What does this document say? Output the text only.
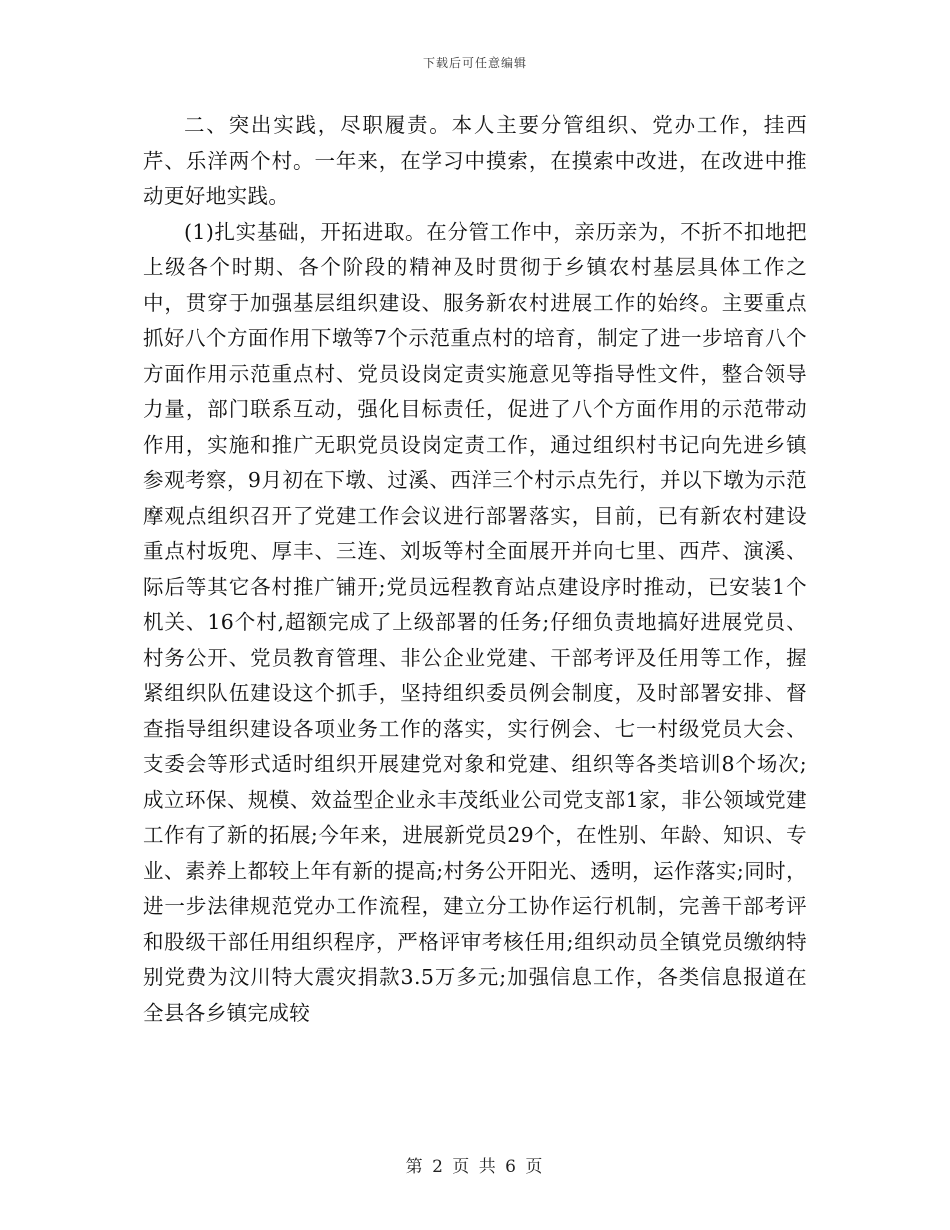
下载后可任意编辑

二、突出实践，尽职履责。本人主要分管组织、党办工作，挂西芹、乐洋两个村。一年来，在学习中摸索，在摸索中改进，在改进中推动更好地实践。

(1)扎实基础，开拓进取。在分管工作中，亲历亲为，不折不扣地把上级各个时期、各个阶段的精神及时贯彻于乡镇农村基层具体工作之中，贯穿于加强基层组织建设、服务新农村进展工作的始终。主要重点抓好八个方面作用下墩等7个示范重点村的培育，制定了进一步培育八个方面作用示范重点村、党员设岗定责实施意见等指导性文件，整合领导力量，部门联系互动，强化目标责任，促进了八个方面作用的示范带动作用，实施和推广无职党员设岗定责工作，通过组织村书记向先进乡镇参观考察，9月初在下墩、过溪、西洋三个村示点先行，并以下墩为示范摩观点组织召开了党建工作会议进行部署落实，目前，已有新农村建设重点村坂兜、厚丰、三连、刘坂等村全面展开并向七里、西芹、演溪、际后等其它各村推广铺开;党员远程教育站点建设序时推动，已安装1个机关、16个村,超额完成了上级部署的任务;仔细负责地搞好进展党员、村务公开、党员教育管理、非公企业党建、干部考评及任用等工作，握紧组织队伍建设这个抓手，坚持组织委员例会制度，及时部署安排、督查指导组织建设各项业务工作的落实，实行例会、七一村级党员大会、支委会等形式适时组织开展建党对象和党建、组织等各类培训8个场次;成立环保、规模、效益型企业永丰茂纸业公司党支部1家，非公领域党建工作有了新的拓展;今年来，进展新党员29个，在性别、年龄、知识、专业、素养上都较上年有新的提高;村务公开阳光、透明，运作落实;同时，进一步法律规范党办工作流程，建立分工协作运行机制，完善干部考评和股级干部任用组织程序，严格评审考核任用;组织动员全镇党员缴纳特别党费为汶川特大震灾捐款3.5万多元;加强信息工作，各类信息报道在全县各乡镇完成较

第 2 页 共 6 页
